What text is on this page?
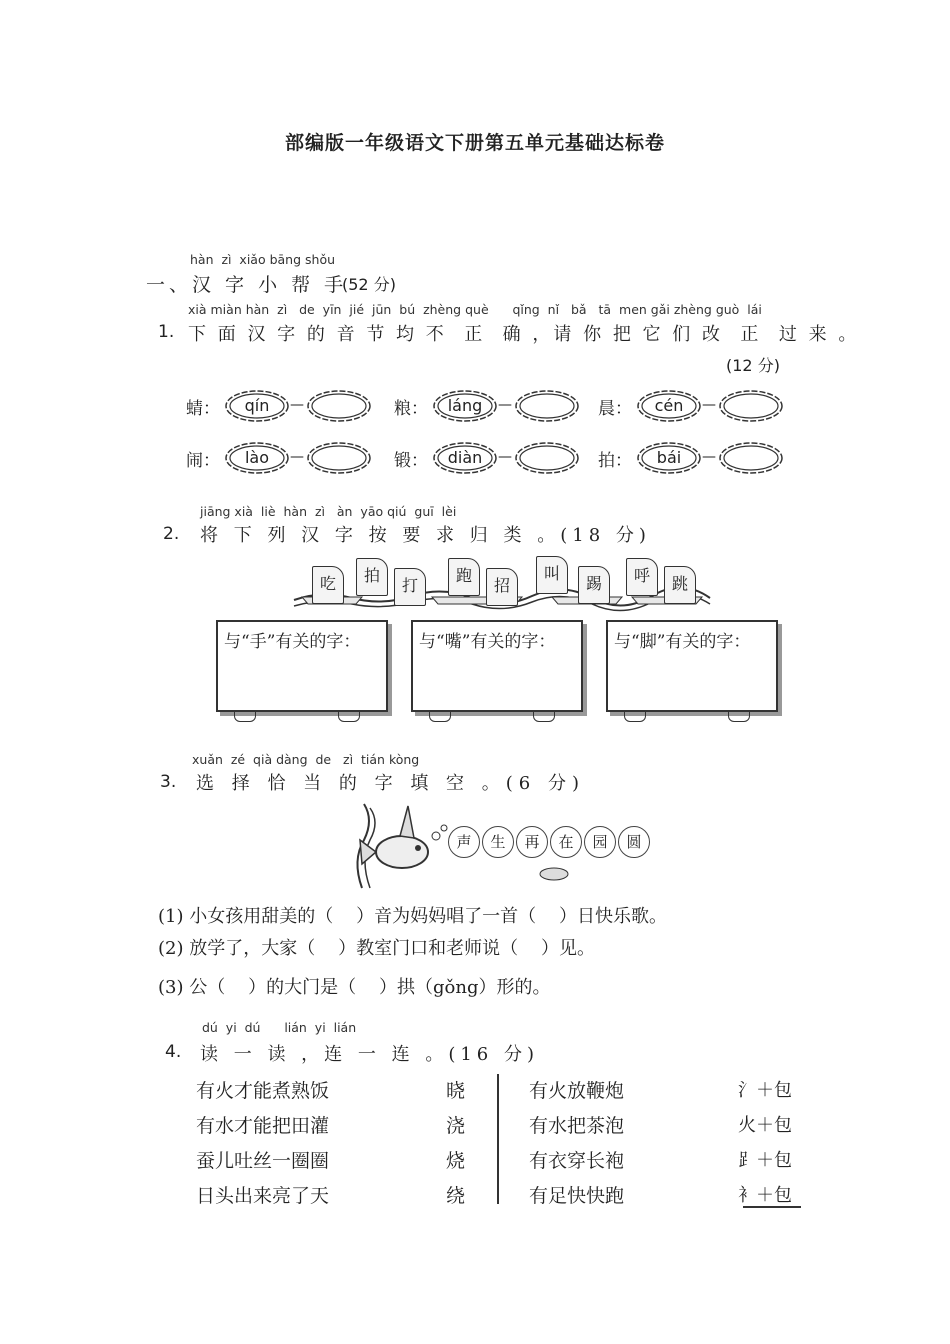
部编版一年级语文下册第五单元基础达标卷
hàn  zì  xiǎo bāng shǒu
一、汉 字 小 帮 手
(52 分)
xià miàn hàn  zì   de  yīn  jié  jūn  bú  zhèng què      qǐng  nǐ   bǎ   tā  men gǎi zhèng guò  lái
1. 下 面 汉 字 的 音 节 均 不  正  确 ，请 你 把 它 们 改  正  过 来 。
(12 分)
蜻：	qín	—	粮：	láng	—	晨：	cén	—
闹：	lào	—	锻：	diàn	—	拍：	bái	—
jiāng xià  liè  hàn  zì   àn  yāo qiú  guī  lèi
2. 将 下 列 汉 字 按 要 求 归 类 。(18 分)
吃	拍
打
跑
招
叫
踢	呼	跳
与“手”有关的字：	与“嘴”有关的字：	与“脚”有关的字：
xuǎn  zé  qià dàng  de   zì  tián kòng
3. 选 择 恰 当 的 字 填 空 。(6 分)
声	生	再	在	园	圆
(1) 小女孩用甜美的（    ）音为妈妈唱了一首（    ）日快乐歌。
(2) 放学了，大家（    ）教室门口和老师说（    ）见。
(3) 公（    ）的大门是（    ）拱（gǒng）形的。
dú  yi  dú      lián  yi  lián
4. 读 一 读 ，连 一 连 。(16 分)
有火才能煮熟饭	晓	有火放鞭炮	氵＋包
有水才能把田灌	浇	有水把茶泡	火＋包
蚕儿吐丝一圈圈	烧	有衣穿长袍	⻊＋包
日头出来亮了天	绕	有足快快跑	衤＋包
